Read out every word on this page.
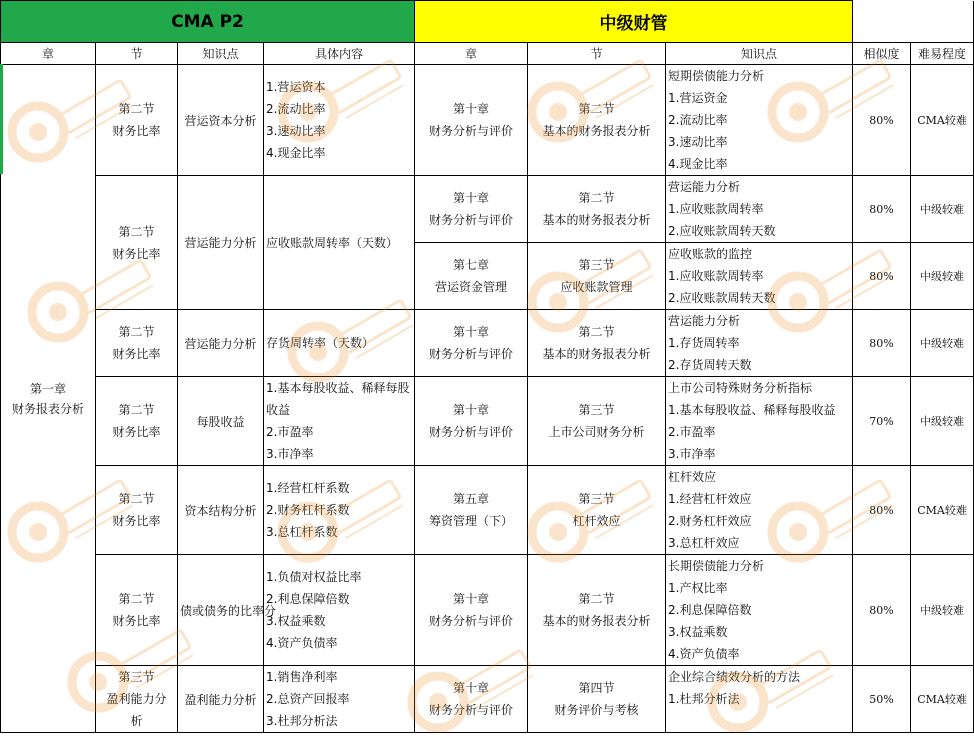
CMA P2				中级财管				
章	节	知识点	具体内容	章	节	知识点	相似度	难易程度

第一章
财务报表分析	第二节
财务比率	营运资本分析	1.营运资本
2.流动比率
3.速动比率
4.现金比率	第十章
财务分析与评价	第二节
基本的财务报表分析	短期偿债能力分析
1.营运资金
2.流动比率
3.速动比率
4.现金比率	80%	CMA较难

	第二节
财务比率	营运能力分析	应收账款周转率（天数）	第十章
财务分析与评价	第二节
基本的财务报表分析	营运能力分析
1.应收账款周转率
2.应收账款周转天数	80%	中级较难

				第七章
营运资金管理	第三节
应收账款管理	应收账款的监控
1.应收账款周转率
2.应收账款周转天数	80%	中级较难

	第二节
财务比率	营运能力分析	存货周转率（天数）	第十章
财务分析与评价	第二节
基本的财务报表分析	营运能力分析
1.存货周转率
2.存货周转天数	80%	中级较难

	第二节
财务比率	每股收益	1.基本每股收益、稀释每股收益
2.市盈率
3.市净率	第十章
财务分析与评价	第三节
上市公司财务分析	上市公司特殊财务分析指标
1.基本每股收益、稀释每股收益
2.市盈率
3.市净率	70%	中级较难

	第二节
财务比率	资本结构分析	1.经营杠杆系数
2.财务杠杆系数
3.总杠杆系数	第五章
筹资管理（下）	第三节
杠杆效应	杠杆效应
1.经营杠杆效应
2.财务杠杆效应
3.总杠杆效应	80%	CMA较难

	第二节
财务比率	债或债务的比率分	1.负债对权益比率
2.利息保障倍数
3.权益乘数
4.资产负债率	第十章
财务分析与评价	第二节
基本的财务报表分析	长期偿债能力分析
1.产权比率
2.利息保障倍数
3.权益乘数
4.资产负债率	80%	中级较难

	第三节
盈利能力分
析	盈利能力分析	1.销售净利率
2.总资产回报率
3.杜邦分析法	第十章
财务分析与评价	第四节
财务评价与考核	企业综合绩效分析的方法
1.杜邦分析法	50%	CMA较难
